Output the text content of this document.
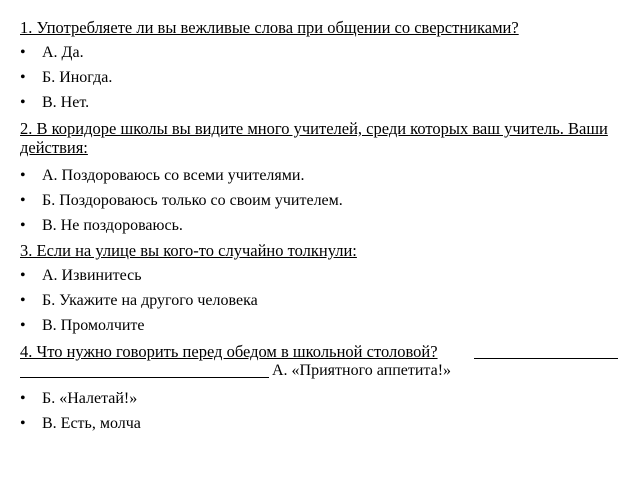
1. Употребляете ли вы вежливые слова при общении со сверстниками?
• А. Да.
• Б. Иногда.
• В. Нет.
2. В коридоре школы вы видите много учителей, среди которых ваш учитель. Ваши действия:
• А. Поздороваюсь со всеми учителями.
• Б. Поздороваюсь только со своим учителем.
• В. Не поздороваюсь.
3. Если на улице вы кого-то случайно толкнули:
• А. Извинитесь
• Б. Укажите на другого человека
• В. Промолчите
4. Что нужно говорить перед обедом в школьной столовой?
А. «Приятного аппетита!»
• Б. «Налетай!»
• В. Есть, молча
